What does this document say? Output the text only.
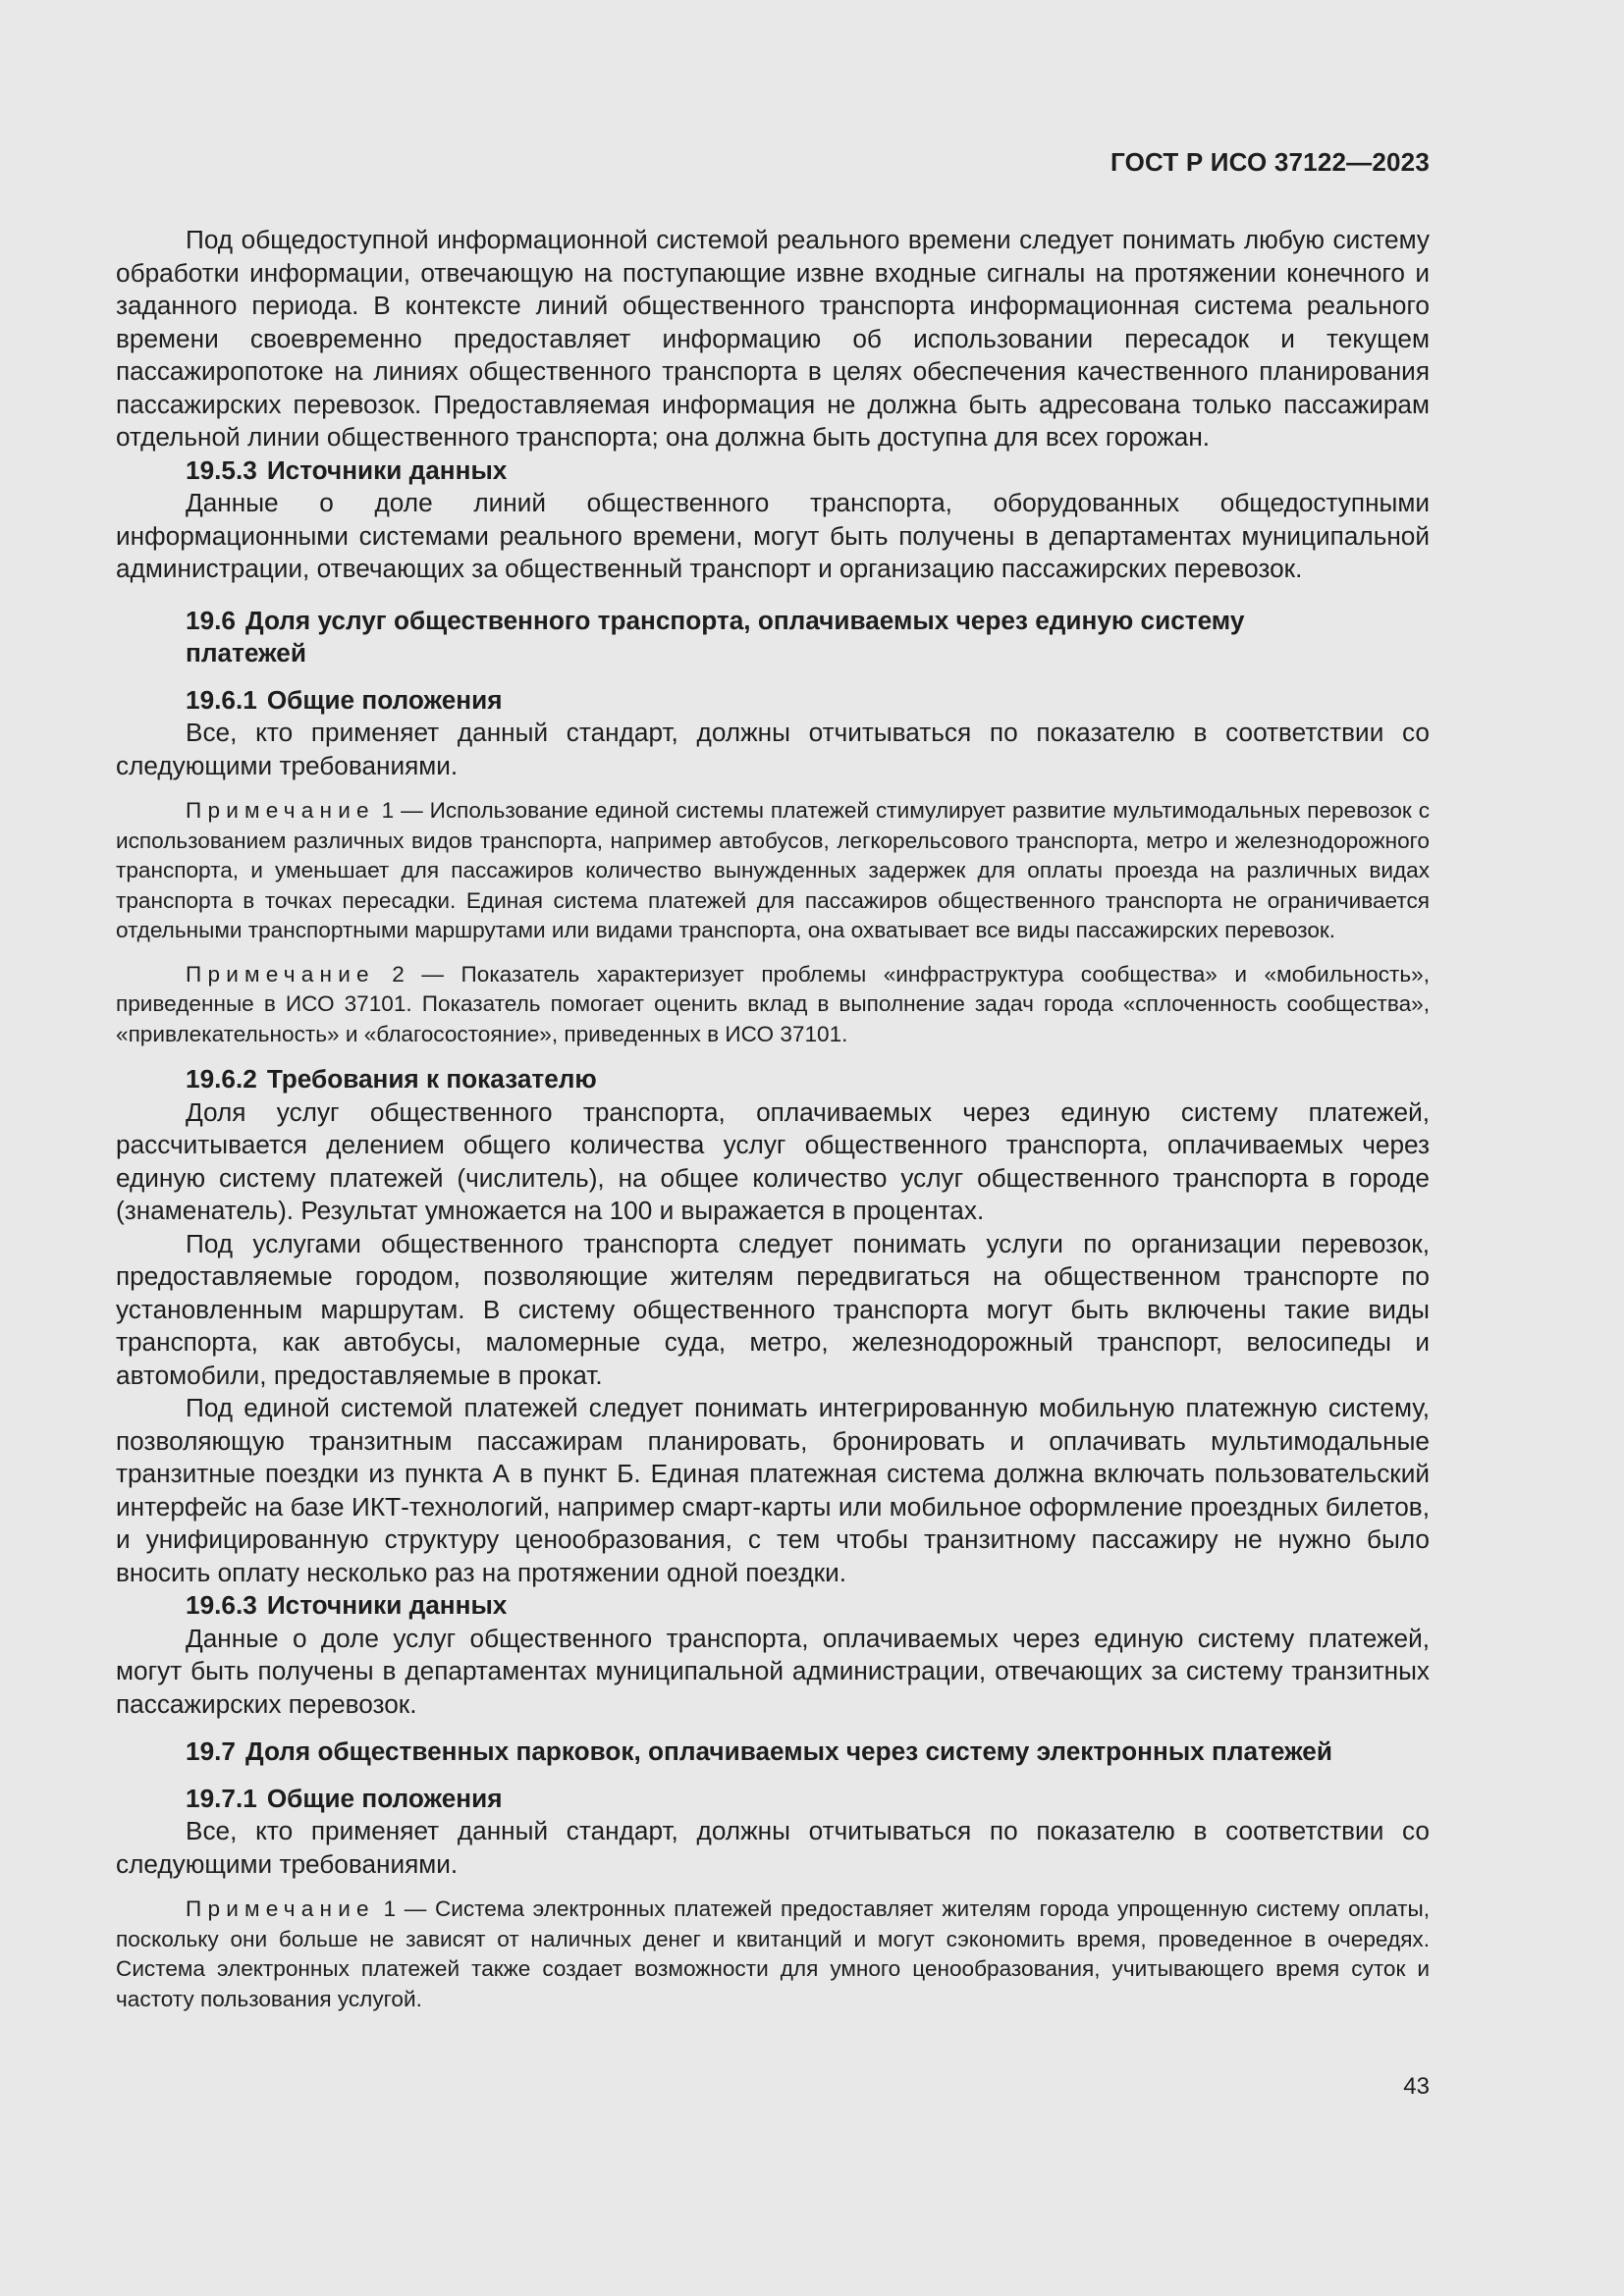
ГОСТ Р ИСО 37122—2023

Под общедоступной информационной системой реального времени следует понимать любую систему обработки информации, отвечающую на поступающие извне входные сигналы на протяжении конечного и заданного периода. В контексте линий общественного транспорта информационная система реального времени своевременно предоставляет информацию об использовании пересадок и текущем пассажиропотоке на линиях общественного транспорта в целях обеспечения качественного планирования пассажирских перевозок. Предоставляемая информация не должна быть адресована только пассажирам отдельной линии общественного транспорта; она должна быть доступна для всех горожан.

19.5.3 Источники данных

Данные о доле линий общественного транспорта, оборудованных общедоступными информационными системами реального времени, могут быть получены в департаментах муниципальной администрации, отвечающих за общественный транспорт и организацию пассажирских перевозок.

19.6 Доля услуг общественного транспорта, оплачиваемых через единую систему платежей
19.6.1 Общие положения

Все, кто применяет данный стандарт, должны отчитываться по показателю в соответствии со следующими требованиями.

Примечание 1 — Использование единой системы платежей стимулирует развитие мультимодальных перевозок с использованием различных видов транспорта, например автобусов, легкорельсового транспорта, метро и железнодорожного транспорта, и уменьшает для пассажиров количество вынужденных задержек для оплаты проезда на различных видах транспорта в точках пересадки. Единая система платежей для пассажиров общественного транспорта не ограничивается отдельными транспортными маршрутами или видами транспорта, она охватывает все виды пассажирских перевозок.

Примечание 2 — Показатель характеризует проблемы «инфраструктура сообщества» и «мобильность», приведенные в ИСО 37101. Показатель помогает оценить вклад в выполнение задач города «сплоченность сообщества», «привлекательность» и «благосостояние», приведенных в ИСО 37101.

19.6.2 Требования к показателю

Доля услуг общественного транспорта, оплачиваемых через единую систему платежей, рассчитывается делением общего количества услуг общественного транспорта, оплачиваемых через единую систему платежей (числитель), на общее количество услуг общественного транспорта в городе (знаменатель). Результат умножается на 100 и выражается в процентах.

Под услугами общественного транспорта следует понимать услуги по организации перевозок, предоставляемые городом, позволяющие жителям передвигаться на общественном транспорте по установленным маршрутам. В систему общественного транспорта могут быть включены такие виды транспорта, как автобусы, маломерные суда, метро, железнодорожный транспорт, велосипеды и автомобили, предоставляемые в прокат.

Под единой системой платежей следует понимать интегрированную мобильную платежную систему, позволяющую транзитным пассажирам планировать, бронировать и оплачивать мультимодальные транзитные поездки из пункта А в пункт Б. Единая платежная система должна включать пользовательский интерфейс на базе ИКТ-технологий, например смарт-карты или мобильное оформление проездных билетов, и унифицированную структуру ценообразования, с тем чтобы транзитному пассажиру не нужно было вносить оплату несколько раз на протяжении одной поездки.

19.6.3 Источники данных

Данные о доле услуг общественного транспорта, оплачиваемых через единую систему платежей, могут быть получены в департаментах муниципальной администрации, отвечающих за систему транзитных пассажирских перевозок.

19.7 Доля общественных парковок, оплачиваемых через систему электронных платежей
19.7.1 Общие положения

Все, кто применяет данный стандарт, должны отчитываться по показателю в соответствии со следующими требованиями.

Примечание 1 — Система электронных платежей предоставляет жителям города упрощенную систему оплаты, поскольку они больше не зависят от наличных денег и квитанций и могут сэкономить время, проведенное в очередях. Система электронных платежей также создает возможности для умного ценообразования, учитывающего время суток и частоту пользования услугой.

43
